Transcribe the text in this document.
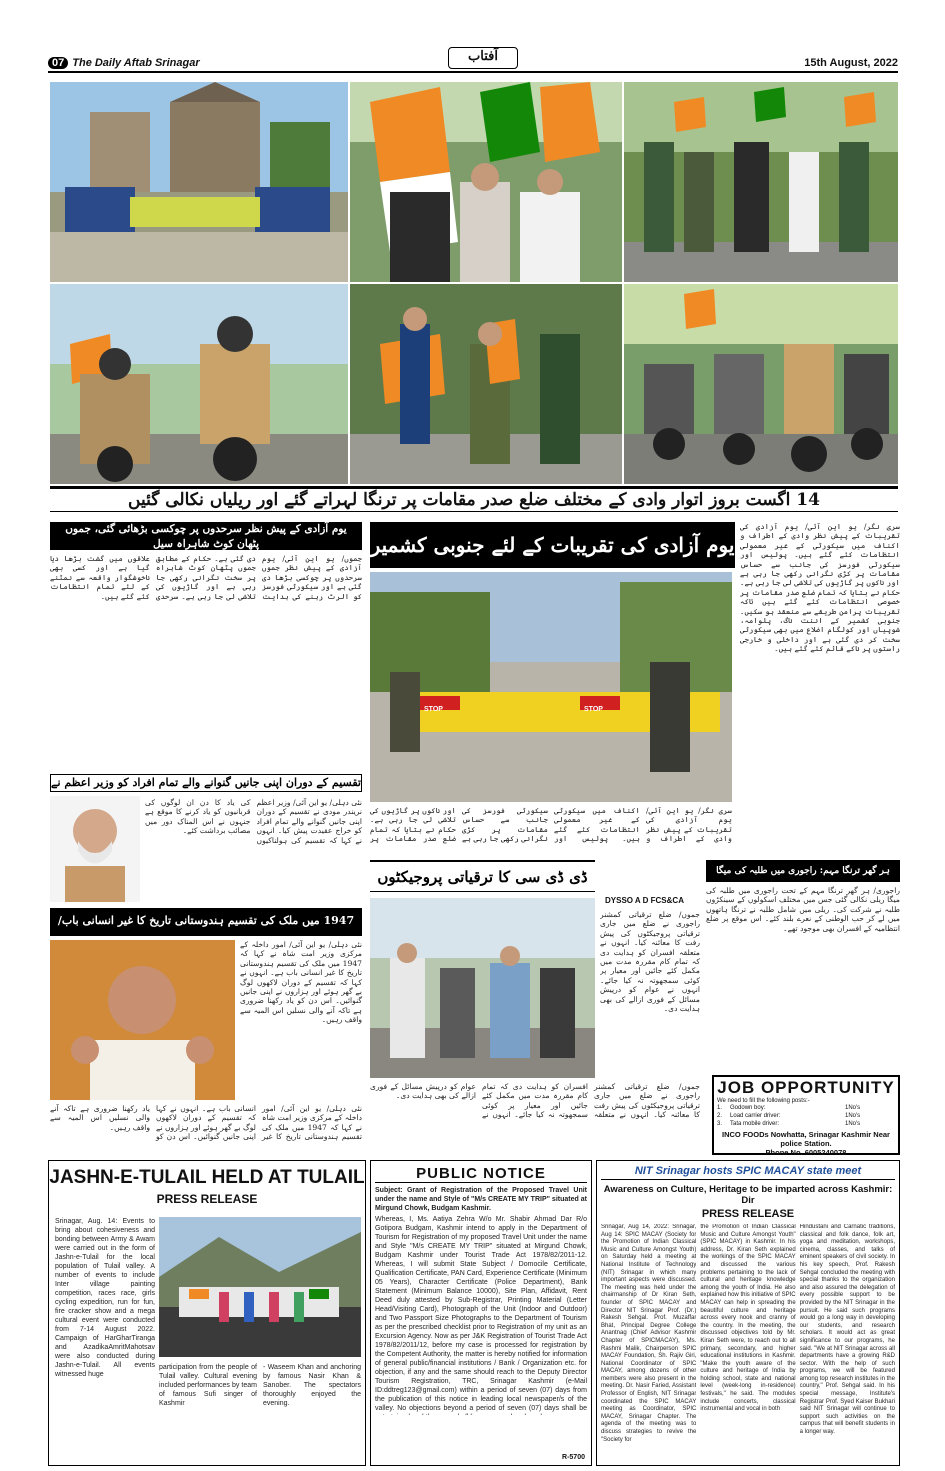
07 The Daily Aftab Srinagar	آفتاب	15th August, 2022
14 اگست بروز اتوار وادی کے مختلف ضلع صدر مقامات پر ترنگا لہراتے گئے اور ریلیاں نکالی گئیں
یوم آزادی کے پیش نظر سرحدوں پر چوکسی بڑھائی گئی، جموں پٹھان کوٹ شاہراہ سیل
جموں/ یو این آئی/ یوم آزادی کے پیش نظر جموں سرحدوں پر چوکسی بڑھا دی گئی ہے اور سیکورٹی فورسز کو الرٹ رہنے کی ہدایت دی گئی ہے۔ حکام کے مطابق جموں پٹھان کوٹ شاہراہ پر سخت نگرانی رکھی جا رہی ہے اور گاڑیوں کی تلاشی لی جا رہی ہے۔ سرحدی علاقوں میں گشت بڑھا دیا گیا ہے اور کسی بھی ناخوشگوار واقعہ سے نمٹنے کے لئے تمام انتظامات کئے گئے ہیں۔
یوم آزادی کی تقریبات کے لئے جنوبی کشمیر
سری نگر/ یو این آئی/ یوم آزادی کی تقریبات کے پیش نظر وادی کے اطراف و اکناف میں سیکورٹی کے غیر معمولی انتظامات کئے گئے ہیں۔ پولیس اور سیکورٹی فورسز کی جانب سے حساس مقامات پر کڑی نگرانی رکھی جا رہی ہے اور ناکوں پر گاڑیوں کی تلاشی لی جا رہی ہے۔ حکام نے بتایا کہ تمام ضلع صدر مقامات پر خصوصی انتظامات کئے گئے ہیں تاکہ تقریبات پرامن طریقے سے منعقد ہو سکیں۔ جنوبی کشمیر کے اننت ناگ، پلوامہ، شوپیاں اور کولگام اضلاع میں بھی سیکورٹی سخت کر دی گئی ہے اور داخلی و خارجی راستوں پر ناکے قائم کئے گئے ہیں۔
STOP	STOP
سری نگر/ یو این آئی/ یوم آزادی کی تقریبات کے پیش نظر وادی کے اطراف و اکناف میں سیکورٹی کے غیر معمولی انتظامات کئے گئے ہیں۔ پولیس اور سیکورٹی فورسز کی جانب سے حساس مقامات پر کڑی نگرانی رکھی جا رہی ہے اور ناکوں پر گاڑیوں کی تلاشی لی جا رہی ہے۔ حکام نے بتایا کہ تمام ضلع صدر مقامات پر
تقسیم کے دوران اپنی جانیں گنوانے والے تمام افراد کو وزیر اعظم نے
نئی دہلی/ یو این آئی/ وزیر اعظم نریندر مودی نے تقسیم کے دوران اپنی جانیں گنوانے والے تمام افراد کو خراج عقیدت پیش کیا۔ انہوں نے کہا کہ تقسیم کی ہولناکیوں کی یاد کا دن ان لوگوں کی قربانیوں کو یاد کرنے کا موقع ہے جنہوں نے اس المناک دور میں مصائب برداشت کئے۔
1947 میں ملک کی تقسیم ہندوستانی تاریخ کا غیر انسانی باب/
نئی دہلی/ یو این آئی/ امور داخلہ کے مرکزی وزیر امت شاہ نے کہا کہ 1947 میں ملک کی تقسیم ہندوستانی تاریخ کا غیر انسانی باب ہے۔ انہوں نے کہا کہ تقسیم کے دوران لاکھوں لوگ بے گھر ہوئے اور ہزاروں نے اپنی جانیں گنوائیں۔ اس دن کو یاد رکھنا ضروری ہے تاکہ آنے والی نسلیں اس المیہ سے واقف رہیں۔
نئی دہلی/ یو این آئی/ امور داخلہ کے مرکزی وزیر امت شاہ نے کہا کہ 1947 میں ملک کی تقسیم ہندوستانی تاریخ کا غیر انسانی باب ہے۔ انہوں نے کہا کہ تقسیم کے دوران لاکھوں لوگ بے گھر ہوئے اور ہزاروں نے اپنی جانیں گنوائیں۔ اس دن کو یاد رکھنا ضروری ہے تاکہ آنے والی نسلیں اس المیہ سے واقف رہیں۔
ڈی ڈی سی کا ترقیاتی پروجیکٹوں
DYSSO A D FCS&CA
جموں/ ضلع ترقیاتی کمشنر راجوری نے ضلع میں جاری ترقیاتی پروجیکٹوں کی پیش رفت کا معائنہ کیا۔ انہوں نے متعلقہ افسران کو ہدایت دی کہ تمام کام مقررہ مدت میں مکمل کئے جائیں اور معیار پر کوئی سمجھوتہ نہ کیا جائے۔ انہوں نے عوام کو درپیش مسائل کے فوری ازالے کی بھی ہدایت دی۔
جموں/ ضلع ترقیاتی کمشنر راجوری نے ضلع میں جاری ترقیاتی پروجیکٹوں کی پیش رفت کا معائنہ کیا۔ انہوں نے متعلقہ افسران کو ہدایت دی کہ تمام کام مقررہ مدت میں مکمل کئے جائیں اور معیار پر کوئی سمجھوتہ نہ کیا جائے۔ انہوں نے عوام کو درپیش مسائل کے فوری ازالے کی بھی ہدایت دی۔
ہر گھر ترنگا مہم: راجوری میں طلبہ کی میگا
راجوری/ ہر گھر ترنگا مہم کے تحت راجوری میں طلبہ کی میگا ریلی نکالی گئی جس میں مختلف اسکولوں کے سینکڑوں طلبہ نے شرکت کی۔ ریلی میں شامل طلبہ نے ترنگا ہاتھوں میں لے کر حب الوطنی کے نعرے بلند کئے۔ اس موقع پر ضلع انتظامیہ کے افسران بھی موجود تھے۔
JOB OPPORTUNITY
We need to fill the following posts:-
1.	Godown boy:	1No's
2.	Load carrier driver:	1No's
3.	Tata mobile driver:	1No's
INCO FOODs Nowhatta, Srinagar Kashmir Near police Station.
Phone No. 6005240078
JASHN-E-TULAIL HELD AT TULAIL
PRESS RELEASE
Srinagar, Aug. 14: Events to bring about cohesiveness and bonding between Army & Awam were carried out in the form of Jashn-e-Tulail for the local population of Tulail valley. A number of events to include Inter village painting competition, races race, girls cycling expedition, run for fun, fire cracker show and a mega cultural event were conducted from 7-14 August 2022. Campaign of HarGharTiranga and AzadikaAmritMahotsav were also conducted during Jashn-e-Tulail. All events witnessed huge
participation from the people of Tulail valley. Cultural evening included performances by team of famous Sufi singer of Kashmir
- Waseem Khan and anchoring by famous Nasir Khan & Sanober. The spectators thoroughly enjoyed the evening.
PUBLIC NOTICE
Subject: Grant of Registration of the Proposed Travel Unit under the name and Style of "M/s CREATE MY TRIP" situated at Mirgund Chowk, Budgam Kashmir.
Whereas, I, Ms. Aatiya Zehra W/o Mr. Shabir Ahmad Dar R/o Gotipora Budgam, Kashmir intend to apply in the Department of Tourism for Registration of my proposed Travel Unit under the name and Style "M/s CREATE MY TRIP" situated at Mirgund Chowk, Budgam Kashmir under Tourist Trade Act 1978/82/2011-12. Whereas, I will submit State Subject / Domocile Certificate, Qualification Certificate, PAN Card, Experience Certificate (Minimum 05 Years), Character Certificate (Police Department), Bank Statement (Minimum Balance 10000), Site Plan, Affidavit, Rent Deed duly attested by Sub-Registrar, Printing Material (Letter Head/Visiting Card), Photograph of the Unit (Indoor and Outdoor) and Two Passport Size Photographs to the Department of Tourism as per the prescribed checklist prior to Registration of my unit as an Excursion Agency. Now as per J&K Registration of Tourist Trade Act 1978/82/2011/12, before my case is processed for registration by the Competent Authority, the matter is hereby notified for information of general public/financial institutions / Bank / Organization etc. for objection, if any and the same should reach to the Deputy Director Tourism Registration, TRC, Srinagar Kashmir (e-Mail ID:ddtreg123@gmail.com) within a period of seven (07) days from the publication of this notice in leading local newspaper/s of the valley. No objections beyond a period of seven (07) days shall be
R-5700
NIT Srinagar hosts SPIC MACAY state meet
Awareness on Culture, Heritage to be imparted across Kashmir: Dir
PRESS RELEASE
Srinagar, Aug 14, 2022: Srinagar, Aug 14: SPIC MACAY (Society for the Promotion of Indian Classical Music and Culture Amongst Youth) on Saturday held a meeting at National Institute of Technology (NIT) Srinagar in which many important aspects were discussed. The meeting was held under the chairmanship of Dr Kiran Seth, founder of SPIC MACAY and Director NIT Srinagar Prof. (Dr.) Rakesh Sehgal. Prof. Muzaffar Bhat, Principal Degree College Anantnag (Chief Advisor Kashmir Chapter of SPICMACAY), Ms. Rashmi Malik, Chairperson SPIC MACAY Foundation, Sh. Rajiv Giri, National Coordinator of SPIC MACAY, among dozens of other members were also present in the meeting. Dr. Nasir Faried, Assistant Professor of English, NIT Srinagar coordinated the SPIC MACAY meeting as Coordinator, SPIC MACAY, Srinagar Chapter. The agenda of the meeting was to discuss strategies to revive the "Society for
the Promotion of Indian Classical Music and Culture Amongst Youth" (SPIC MACAY) in Kashmir. In his address, Dr. Kiran Seth explained the workings of the SPIC MACAY and discussed the various problems pertaining to the lack of cultural and heritage knowledge among the youth of India. He also explained how this initiative of SPIC MACAY can help in spreading the beautiful culture and heritage across every nook and cranny of the country. In the meeting, the discussed objectives told by Mr. Kiran Seth were, to reach out to all primary, secondary, and higher educational institutions in Kashmir. "Make the youth aware of the culture and heritage of India by holding school, state and national level (week-long in-residence) festivals," he said. The modules include concerts, classical instrumental and vocal in both
Hindustani and Carnatic traditions, classical and folk dance, folk art, yoga and meditation, workshops, cinema, classes, and talks of eminent speakers of civil society. In his key speech, Prof. Rakesh Sehgal concluded the meeting with special thanks to the organization and also assured the delegation of every possible support to be provided by the NIT Srinagar in the pursuit. He said such programs would go a long way in developing our students, and research scholars. It would act as great significance to our programs, he said. "We at NIT Srinagar across all departments have a growing R&D sector. With the help of such programs, we will be featured among top research institutes in the country," Prof. Sehgal said. In his special message, Institute's Registrar Prof. Syed Kaiser Bukhari said NIT Srinagar will continue to support such activities on the campus that will benefit students in a longer way.
